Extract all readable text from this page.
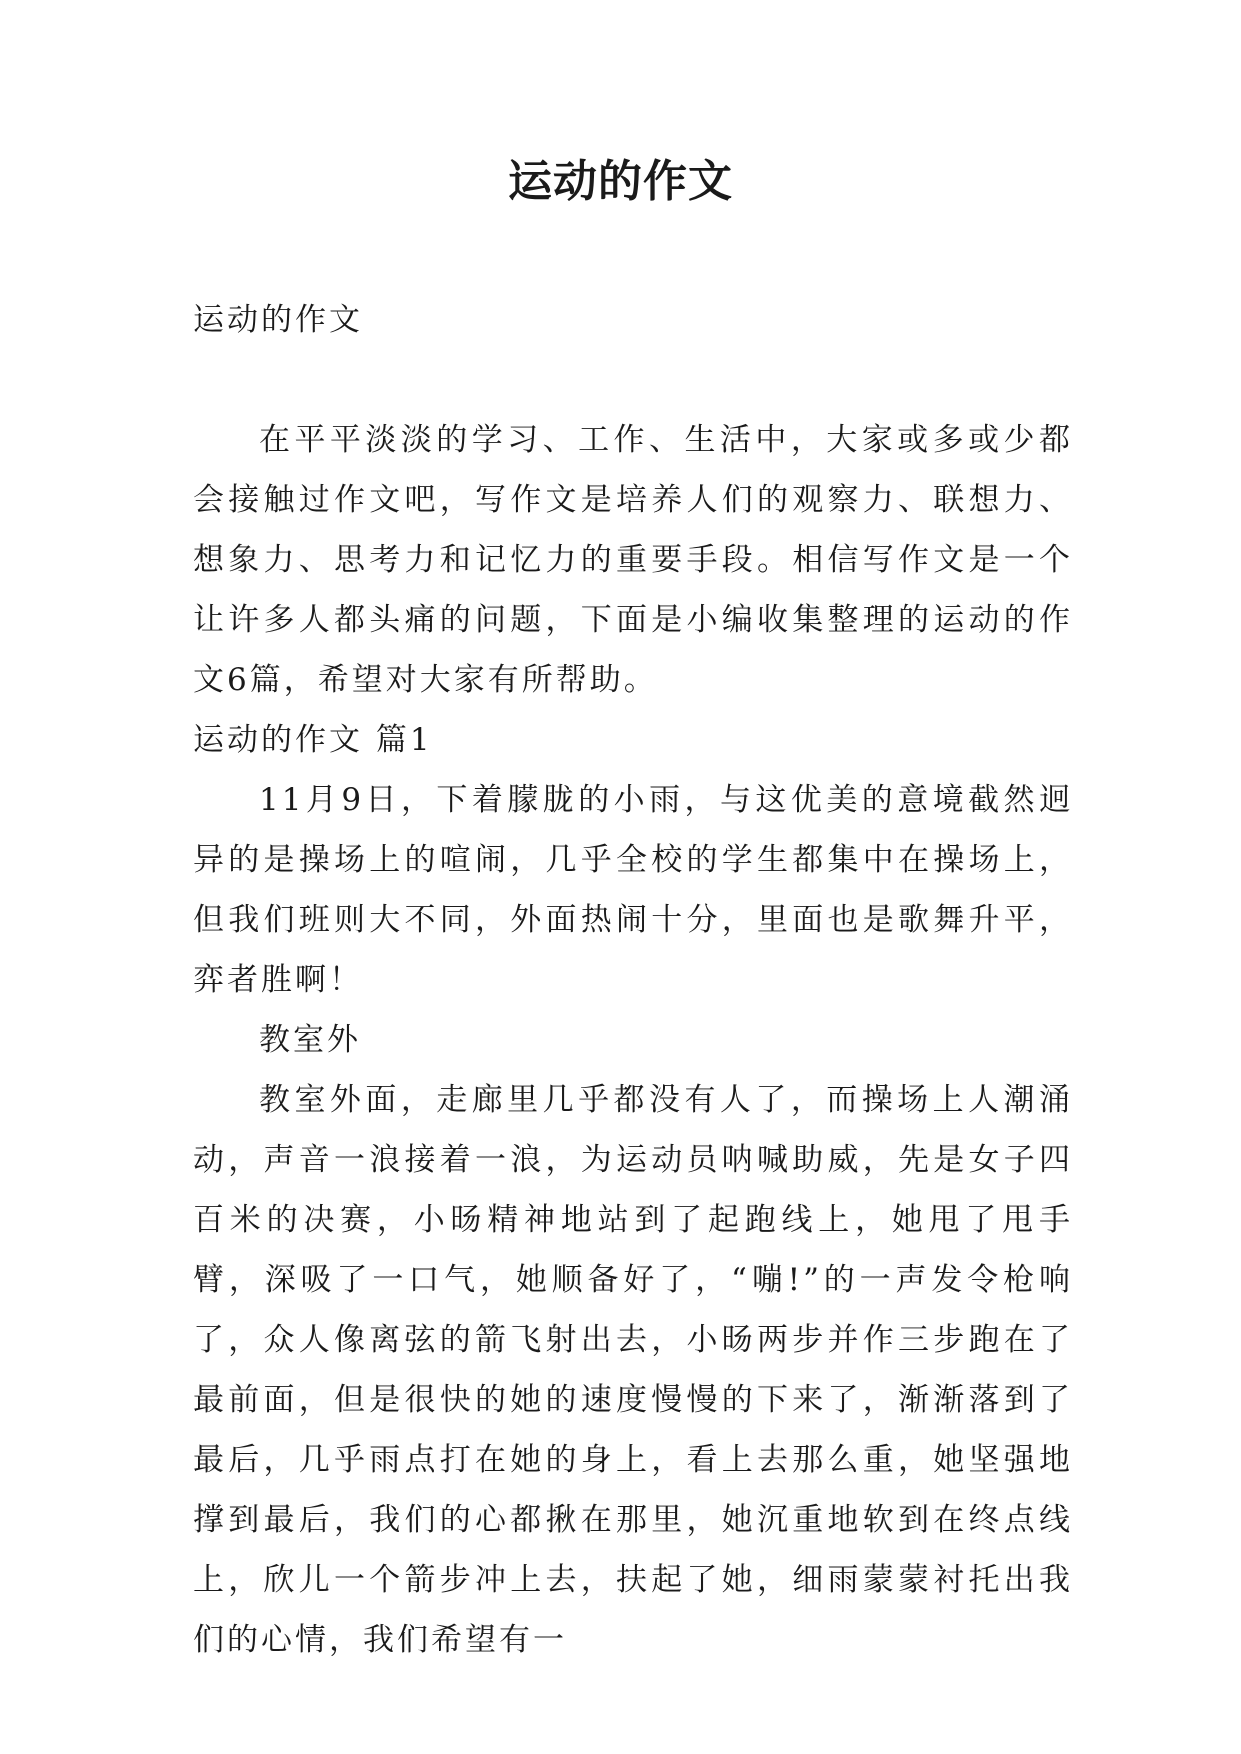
运动的作文

运动的作文

在平平淡淡的学习、工作、生活中，大家或多或少都会接触过作文吧，写作文是培养人们的观察力、联想力、想象力、思考力和记忆力的重要手段。相信写作文是一个让许多人都头痛的问题，下面是小编收集整理的运动的作文6篇，希望对大家有所帮助。

运动的作文 篇1

11月9日，下着朦胧的小雨，与这优美的意境截然迥异的是操场上的喧闹，几乎全校的学生都集中在操场上，但我们班则大不同，外面热闹十分，里面也是歌舞升平，弈者胜啊！

教室外

教室外面，走廊里几乎都没有人了，而操场上人潮涌动，声音一浪接着一浪，为运动员呐喊助威，先是女子四百米的决赛，小旸精神地站到了起跑线上，她甩了甩手臂，深吸了一口气，她顺备好了，“嘣!”的一声发令枪响了，众人像离弦的箭飞射出去，小旸两步并作三步跑在了最前面，但是很快的她的速度慢慢的下来了，渐渐落到了最后，几乎雨点打在她的身上，看上去那么重，她坚强地撑到最后，我们的心都揪在那里，她沉重地软到在终点线上，欣儿一个箭步冲上去，扶起了她，细雨蒙蒙衬托出我们的心情，我们希望有一
